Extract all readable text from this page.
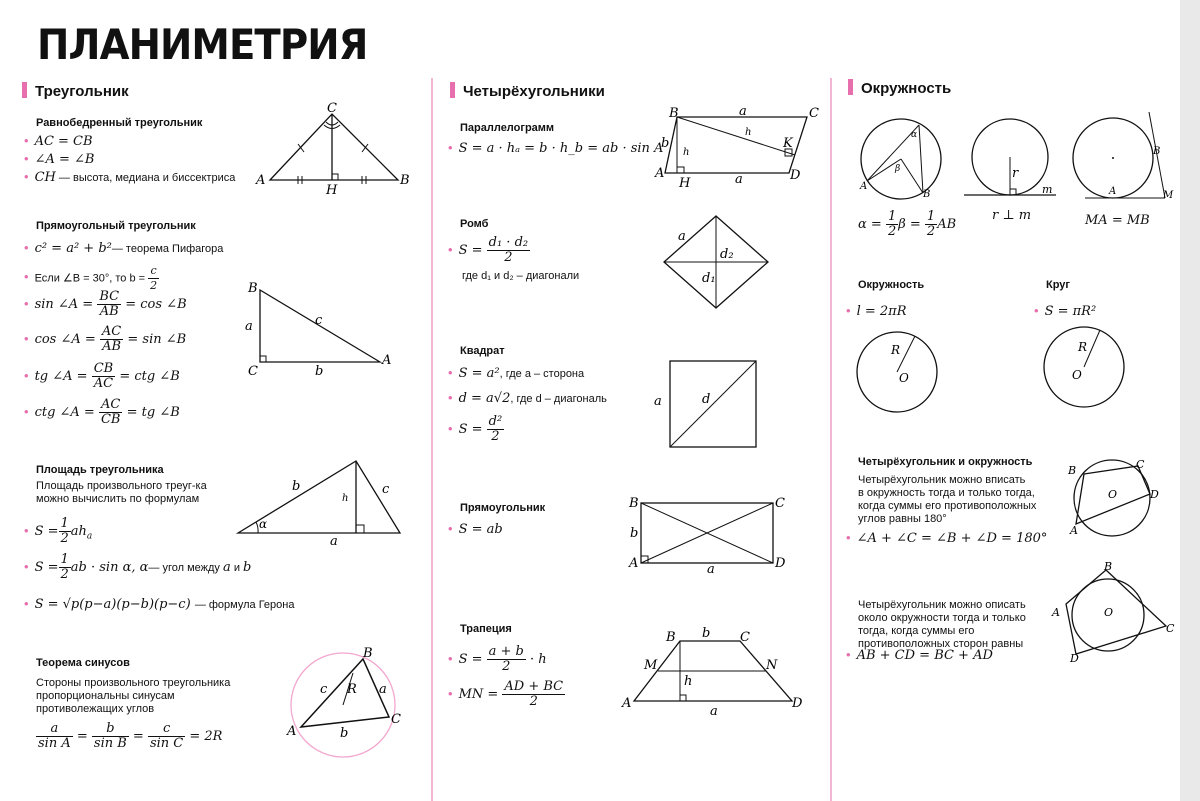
ПЛАНИМЕТРИЯ
Треугольник
Равнобедренный треугольник
• AC = CB
• ∠A = ∠B
• CH — высота, медиана и биссектриса
C
A	B
H
Прямоугольный треугольник
• c² = a² + b²— теорема Пифагора
• Если ∠B = 30°, то $b = \frac{c}{2}$
• sin ∠A = $\frac{BC}{AB} = \cos$ ∠B
• cos ∠A = $\frac{AC}{AB} = \sin$ ∠B
• tg ∠A = $\frac{CB}{AC}$ = ctg ∠B
• ctg ∠A = $\frac{AC}{CB}$ = tg ∠B
B
C
A
a
b
c
Площадь треугольника
Площадь произвольного треуг-ка
можно вычислить по формулам
• $S = \frac{1}{2} ah_a$
• $S = \frac{1}{2}$ ab · sin α, α— угол между a и b
• S = √p(p−a)(p−b)(p−c) — формула Герона
α
b	c
a
h
Теорема синусов
Стороны произвольного треугольника
пропорциональны синусам
противолежащих углов
$\frac{a}{\text{sin A}} = \frac{b}{\text{sin B}} = \frac{c}{\text{sin C}} = 2R$
B
A
C
c R a
b
Четырёхугольники
Параллелограмм
• S = a · hₐ = b · h_b = ab · sin A
B	C
A	D
a
a
b
H
K
h
h
Ромб
• $S = \frac{\text{d₁ · d₂}}{2}$
где d₁ и d₂ – диагонали
a
d₂
d₁
Квадрат
• S = a², где a – сторона
• d = a√2, где d – диагональ
• $S = \frac{\text{d²}}{2}$
a	d
Прямоугольник
• S = ab
B	C
A	D
b
a
Трапеция
• $S = \frac{a + b}{2} \cdot h$
• MN = $\frac{AD + BC}{2}$
B	C
A	D
M	N
b
a
h
Окружность
A
B
α
β
$\alpha = \frac{1}{2}$ $\beta = \frac{1}{2}$ AB
r
m
r ⊥ m
A
B
M
MA = MB
Окружность
• l = 2πR
R
O
Круг
• S = πR²
R
O
Четырёхугольник и окружность
Четырёхугольник можно вписать
в окружность тогда и только тогда,
когда суммы его противоположных
углов равны 180°
• ∠A + ∠C = ∠B + ∠D = 180°
B	C
D
A
O
Четырёхугольник можно описать
около окружности тогда и только
тогда, когда суммы его
противоположных сторон равны
• AB + CD = BC + AD
B
C
D
A	O
